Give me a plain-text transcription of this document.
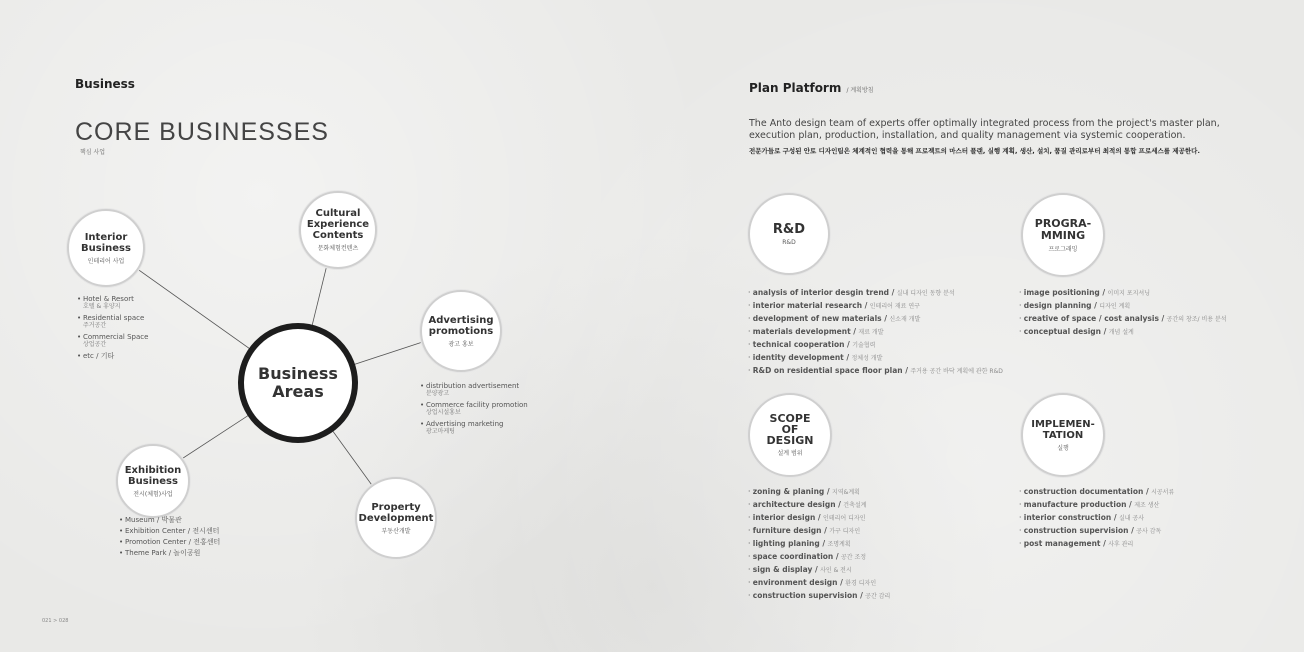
Business
CORE BUSINESSES
핵심 사업
Business
Areas
Interior
Business
인테리어 사업
• Hotel & Resort
호텔 & 휴양지
• Residential space
주거공간
• Commercial Space
상업공간
• etc / 기타
Cultural
Experience
Contents
문화체험컨텐츠
Advertising
promotions
광고 홍보
• distribution advertisement
분양광고
• Commerce facility promotion
상업시설홍보
• Advertising marketing
광고마케팅
Exhibition
Business
전시(체험)사업
• Museum / 박물관
• Exhibition Center / 전시센터
• Promotion Center / 전홍센터
• Theme Park / 놀이공원
Property
Development
부동산개발
021 > 028
Plan Platform / 계획방침
The Anto design team of experts offer optimally integrated process from the project's master plan, execution plan, production, installation, and quality management via systemic cooperation.
전문가들로 구성된 안토 디자인팀은 체계적인 협력을 통해 프로젝트의 마스터 플랜, 실행 계획, 생산, 설치, 품질 관리로부터 최적의 통합 프로세스를 제공한다.
R&D
R&D
· analysis of interior desgin trend / 실내 디자인 동향 분석
· interior material research / 인테리어 재료 연구
· development of new materials / 신소재 개발
· materials development / 재료 개발
· technical cooperation / 기술협력
· identity development / 정체성 개발
· R&D on residential space floor plan / 주거용 공간 바닥 계획에 관한 R&D
PROGRA-
MMING
프로그래밍
· image positioning / 이미지 포지셔닝
· design planning / 디자인 계획
· creative of space / cost analysis / 공간의 창조/ 비용 분석
· conceptual design / 개념 설계
SCOPE
OF
DESIGN
설계 범위
· zoning & planing / 지역&계획
· architecture design / 건축설계
· interior design / 인테리어 디자인
· furniture design / 가구 디자인
· lighting planing / 조명계획
· space coordination / 공간 조정
· sign & display / 사인 & 전시
· environment design / 환경 디자인
· construction supervision / 공간 감리
IMPLEMEN-
TATION
실행
· construction documentation / 시공서류
· manufacture production / 제조 생산
· interior construction / 실내 공사
· construction supervision / 공사 감독
· post management / 사후 관리
